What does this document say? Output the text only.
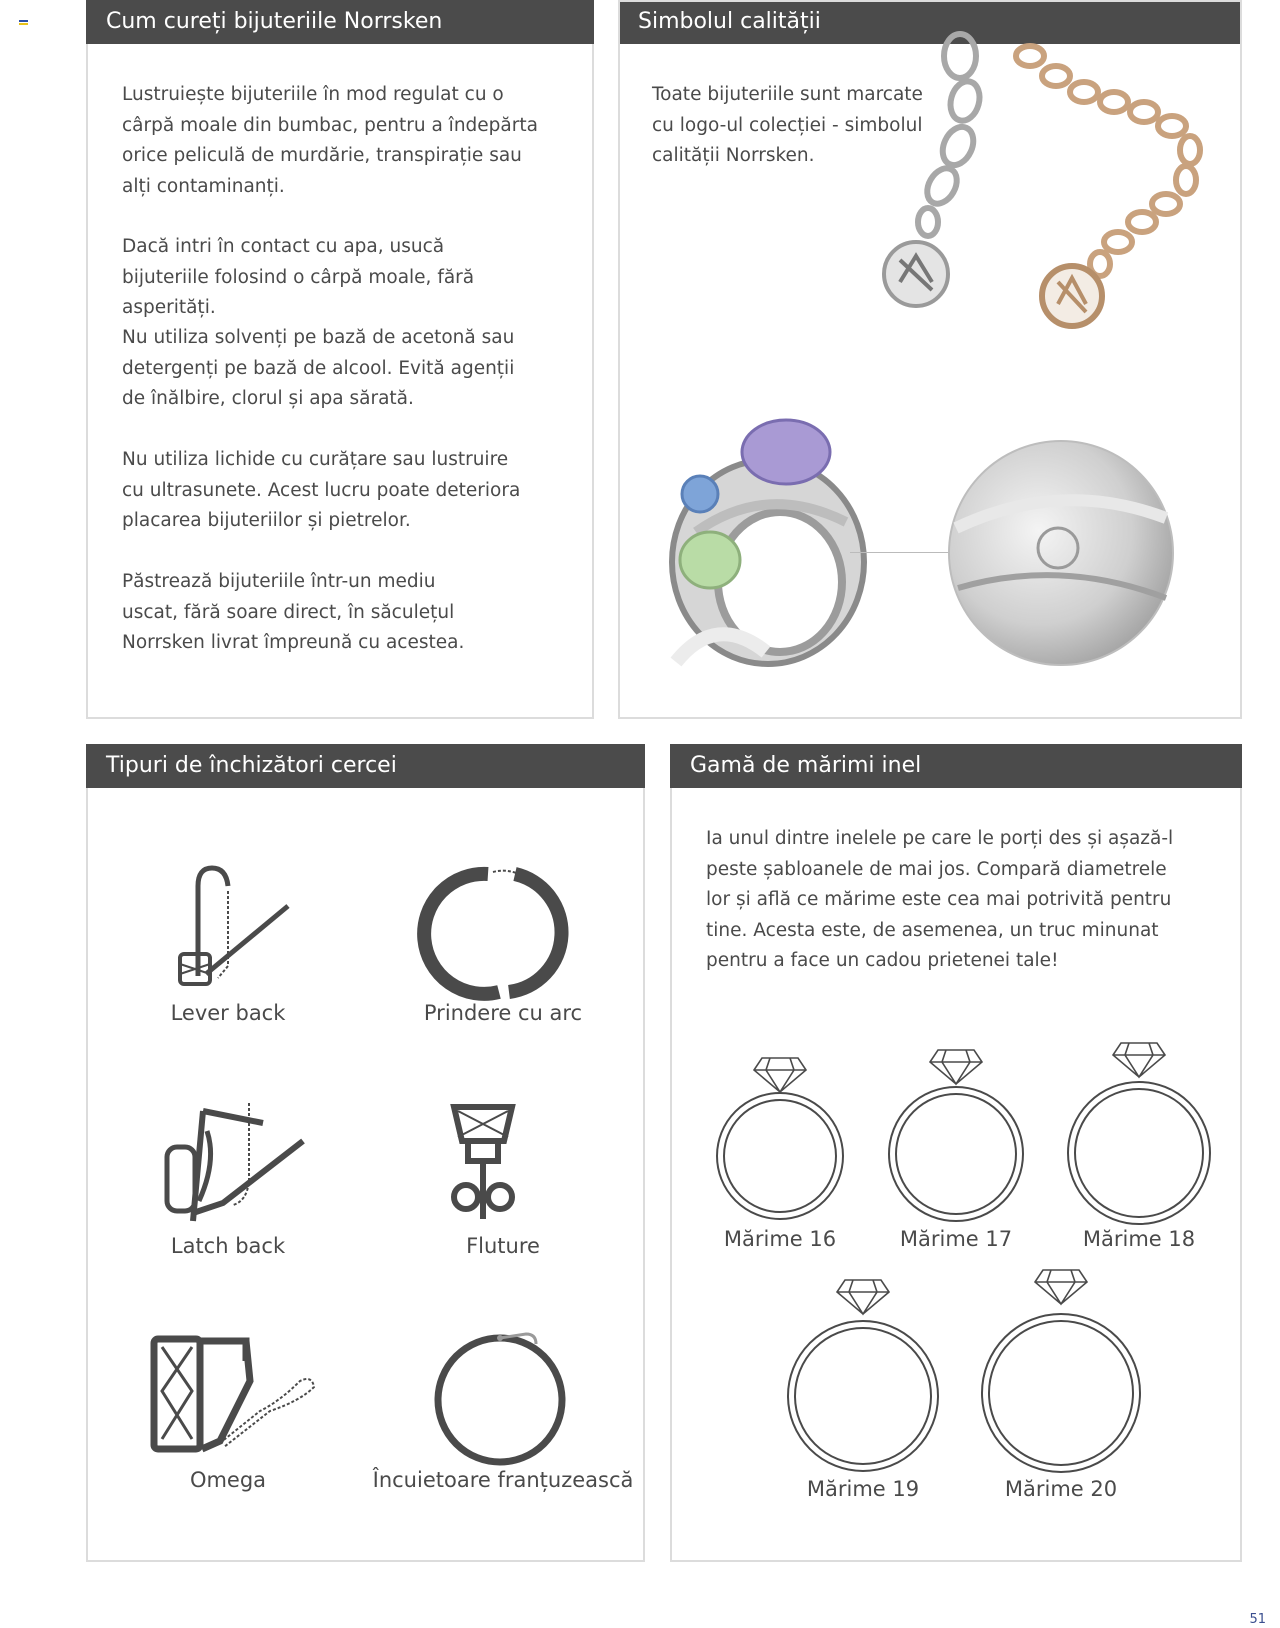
Cum cureți bijuteriile Norrsken

Lustruiește bijuteriile în mod regulat cu o cârpă moale din bumbac, pentru a îndepărta orice peliculă de murdărie, transpirație sau alți contaminanți.

Dacă intri în contact cu apa, usucă bijuteriile folosind o cârpă moale, fără asperități.

Nu utiliza solvenți pe bază de acetonă sau detergenți pe bază de alcool. Evită agenții de înălbire, clorul și apa sărată.

Nu utiliza lichide cu curățare sau lustruire cu ultrasunete. Acest lucru poate deteriora placarea bijuteriilor și pietrelor.

Păstrează bijuteriile într-un mediu uscat, fără soare direct, în săculețul Norrsken livrat împreună cu acestea.

Simbolul calității

Toate bijuteriile sunt marcate cu logo-ul colecției - simbolul calității Norrsken.

Tipuri de închizători cercei
Lever back	Prindere cu arc
Latch back	Fluture
Omega	Încuietoare franțuzească
Gamă de mărimi inel

Ia unul dintre inelele pe care le porți des și așază-l peste șabloanele de mai jos. Compară diametrele lor și află ce mărime este cea mai potrivită pentru tine. Acesta este, de asemenea, un truc minunat pentru a face un cadou prietenei tale!

Mărime 16	Mărime 17	Mărime 18
Mărime 19	Mărime 20
51
